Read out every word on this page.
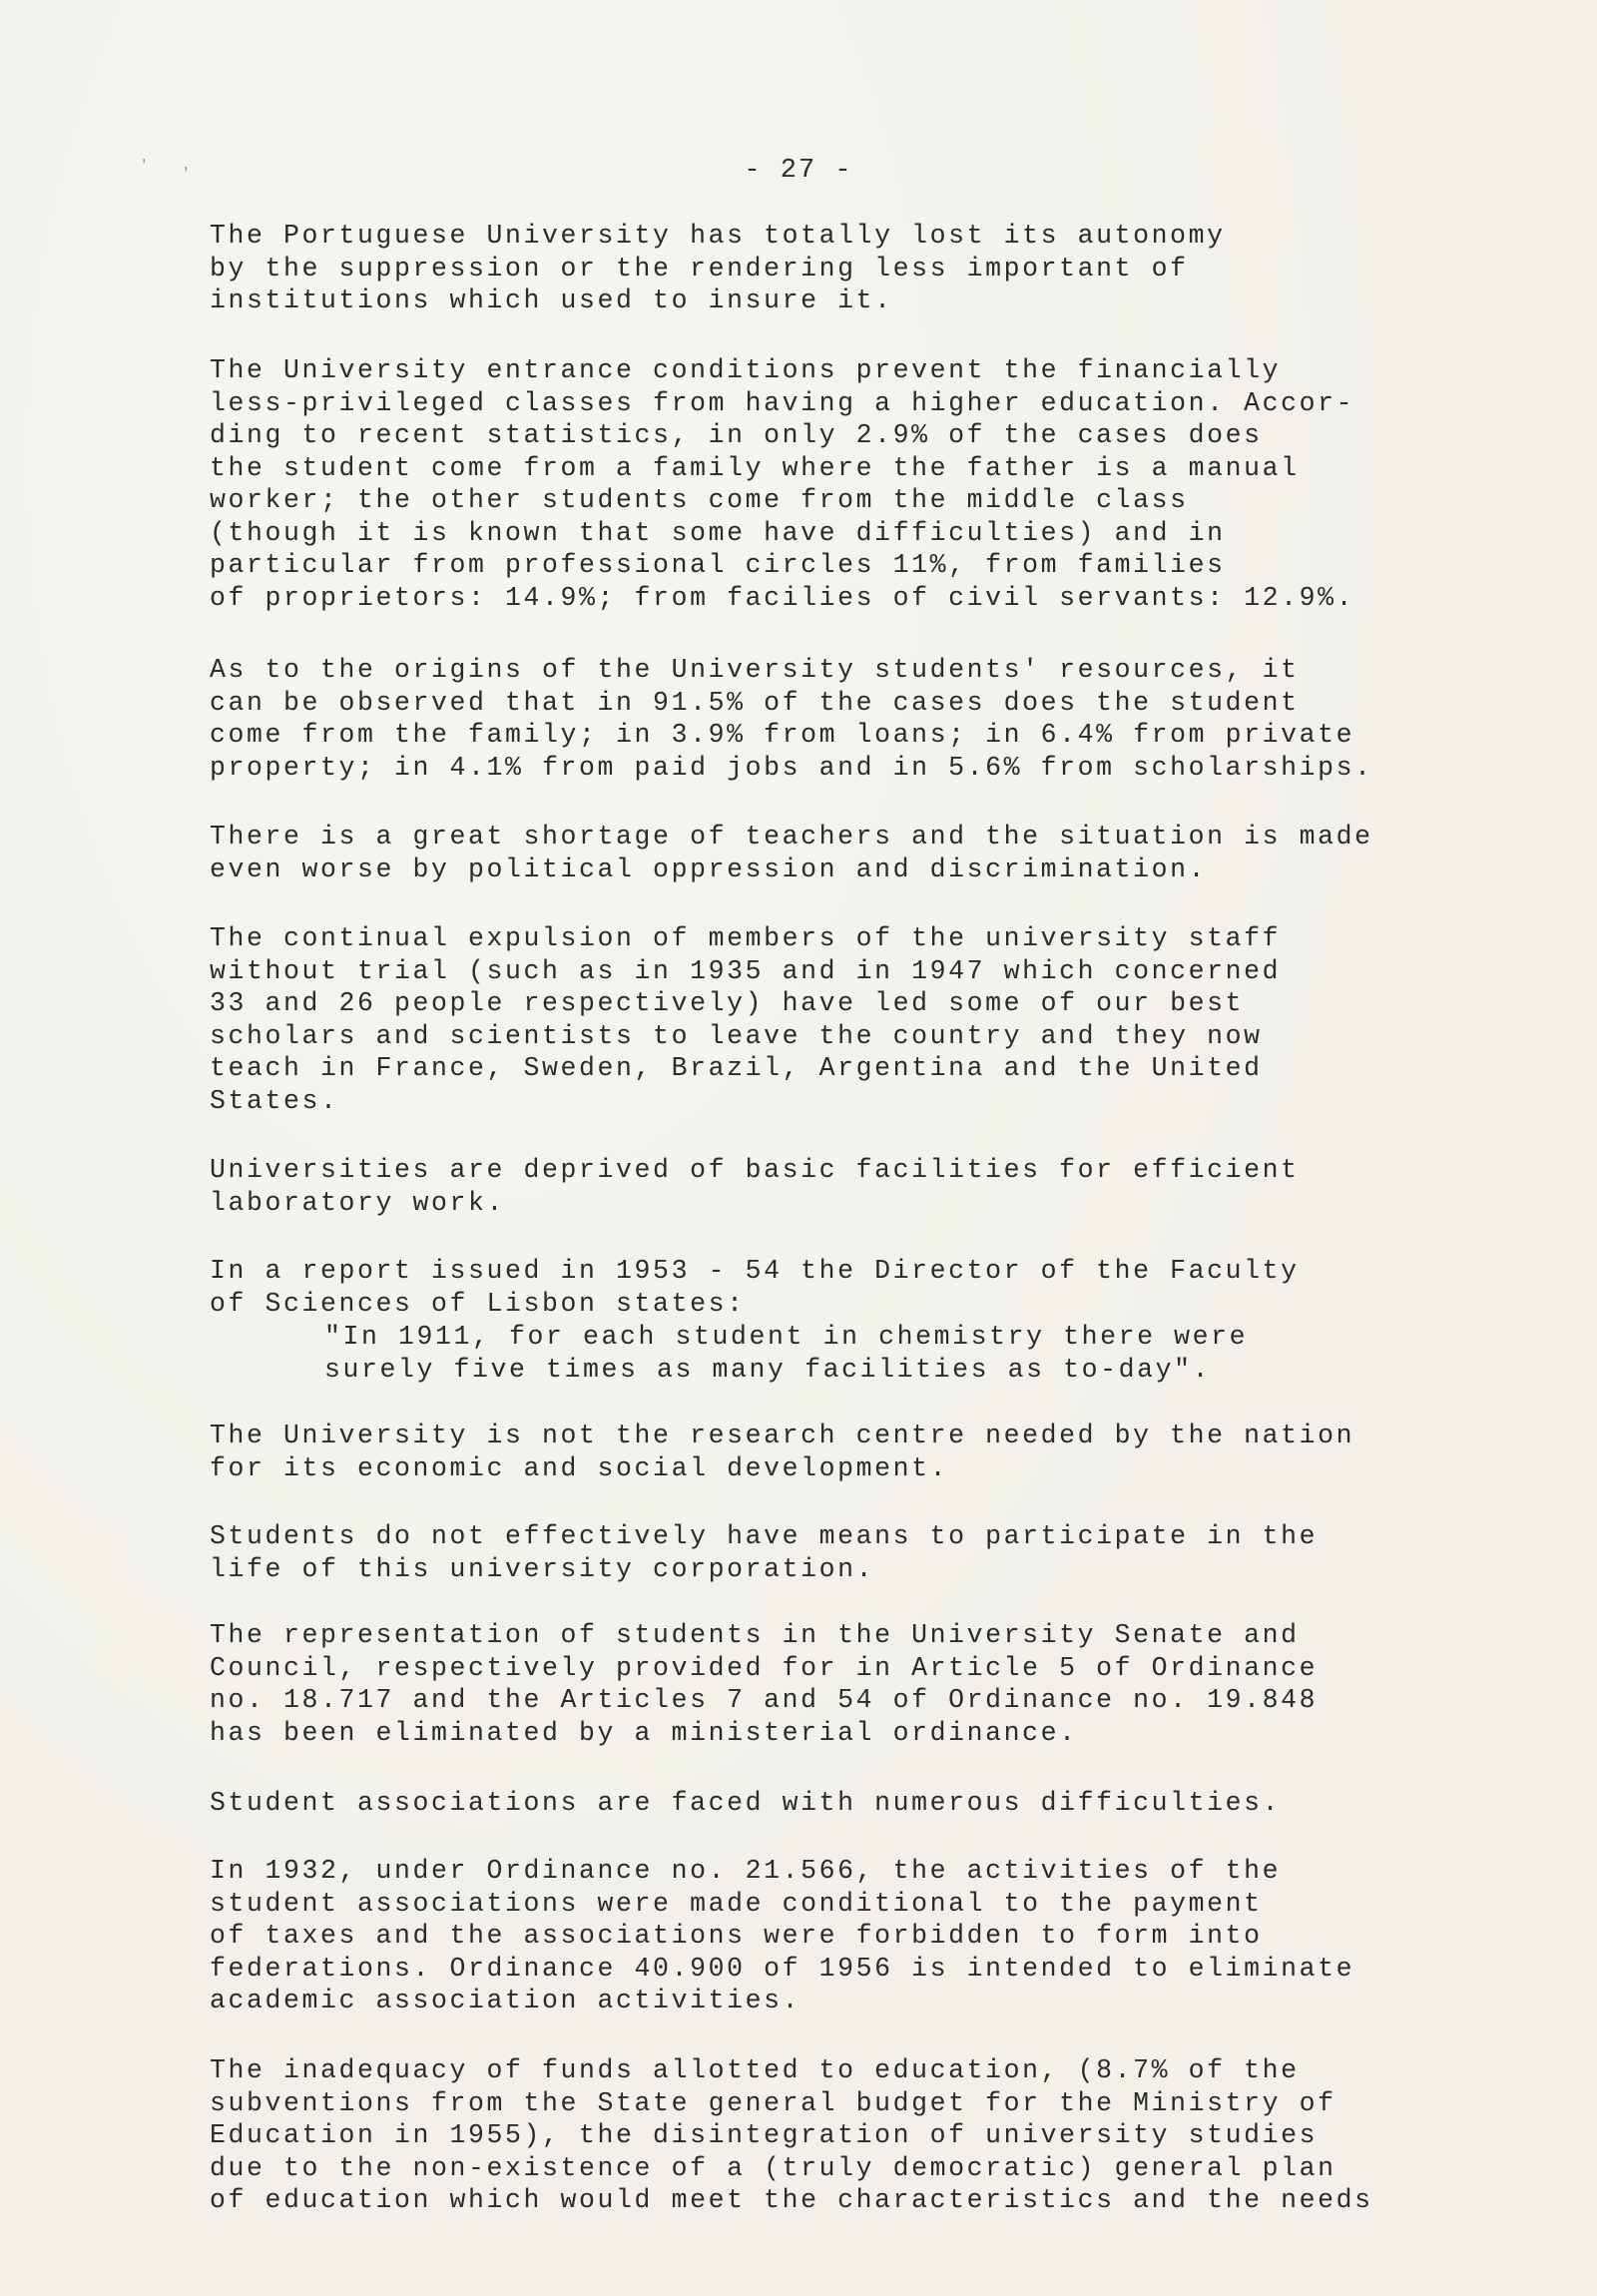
' '	- 27 -
The Portuguese University has totally lost its autonomy
by the suppression or the rendering less important of
institutions which used to insure it.
The University entrance conditions prevent the financially
less-privileged classes from having a higher education. Accor-
ding to recent statistics, in only 2.9% of the cases does
the student come from a family where the father is a manual
worker; the other students come from the middle class
(though it is known that some have difficulties) and in
particular from professional circles 11%, from families
of proprietors: 14.9%; from facilies of civil servants: 12.9%.
As to the origins of the University students' resources, it
can be observed that in 91.5% of the cases does the student
come from the family; in 3.9% from loans; in 6.4% from private
property; in 4.1% from paid jobs and in 5.6% from scholarships.
There is a great shortage of teachers and the situation is made
even worse by political oppression and discrimination.
The continual expulsion of members of the university staff
without trial (such as in 1935 and in 1947 which concerned
33 and 26 people respectively) have led some of our best
scholars and scientists to leave the country and they now
teach in France, Sweden, Brazil, Argentina and the United
States.
Universities are deprived of basic facilities for efficient
laboratory work.
In a report issued in 1953 - 54 the Director of the Faculty
of Sciences of Lisbon states:
"In 1911, for each student in chemistry there were
surely five times as many facilities as to-day".
The University is not the research centre needed by the nation
for its economic and social development.
Students do not effectively have means to participate in the
life of this university corporation.
The representation of students in the University Senate and
Council, respectively provided for in Article 5 of Ordinance
no. 18.717 and the Articles 7 and 54 of Ordinance no. 19.848
has been eliminated by a ministerial ordinance.
Student associations are faced with numerous difficulties.
In 1932, under Ordinance no. 21.566, the activities of the
student associations were made conditional to the payment
of taxes and the associations were forbidden to form into
federations. Ordinance 40.900 of 1956 is intended to eliminate
academic association activities.
The inadequacy of funds allotted to education, (8.7% of the
subventions from the State general budget for the Ministry of
Education in 1955), the disintegration of university studies
due to the non-existence of a (truly democratic) general plan
of education which would meet the characteristics and the needs
